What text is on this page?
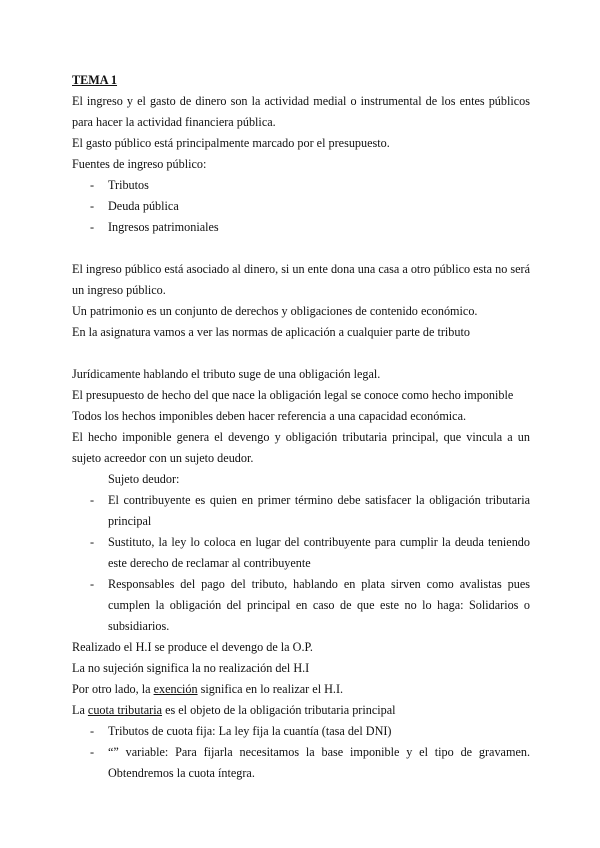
TEMA 1

El ingreso y el gasto de dinero son la actividad medial o instrumental de los entes públicos para hacer la actividad financiera pública.

El gasto público está principalmente marcado por el presupuesto.

Fuentes de ingreso público:

- Tributos
- Deuda pública
- Ingresos patrimoniales

El ingreso público está asociado al dinero, si un ente dona una casa a otro público esta no será un ingreso público.

Un patrimonio es un conjunto de derechos y obligaciones de contenido económico.

En la asignatura vamos a ver las normas de aplicación a cualquier parte de tributo

Jurídicamente hablando el tributo suge de una obligación legal.

El presupuesto de hecho del que nace la obligación legal se conoce como hecho imponible

Todos los hechos imponibles deben hacer referencia a una capacidad económica.

El hecho imponible genera el devengo y obligación tributaria principal, que vincula a un sujeto acreedor con un sujeto deudor.

Sujeto deudor:

- El contribuyente es quien en primer término debe satisfacer la obligación tributaria principal
- Sustituto, la ley lo coloca en lugar del contribuyente para cumplir la deuda teniendo este derecho de reclamar al contribuyente
- Responsables del pago del tributo, hablando en plata sirven como avalistas pues cumplen la obligación del principal en caso de que este no lo haga: Solidarios o subsidiarios.

Realizado el H.I se produce el devengo de la O.P.

La no sujeción significa la no realización del H.I

Por otro lado, la exención significa en lo realizar el H.I.

La cuota tributaria es el objeto de la obligación tributaria principal

- Tributos de cuota fija: La ley fija la cuantía (tasa del DNI)
- “” variable: Para fijarla necesitamos la base imponible y el tipo de gravamen. Obtendremos la cuota íntegra.
